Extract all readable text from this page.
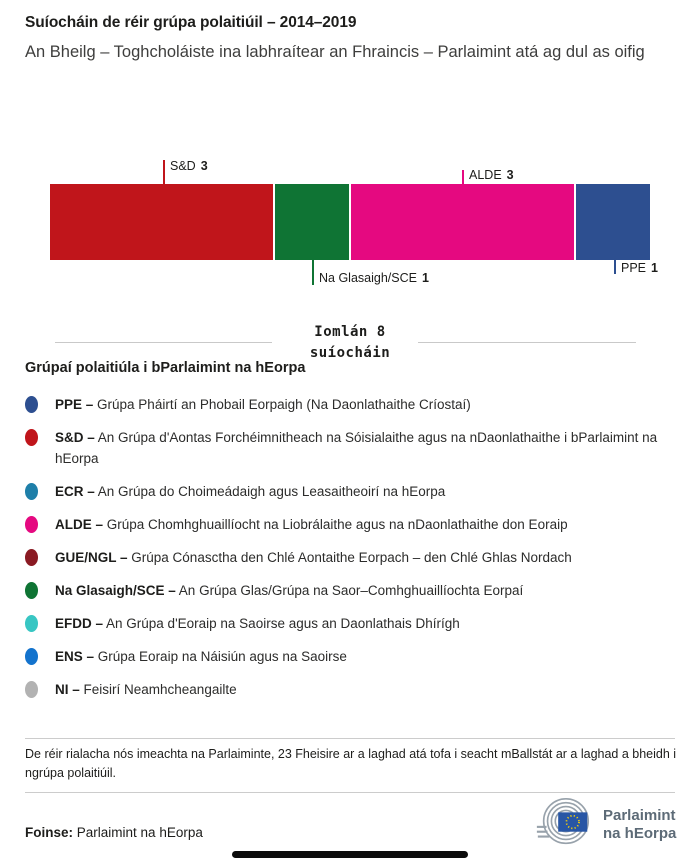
Suíocháin de réir grúpa polaitiúil – 2014–2019

An Bheilg – Toghcholáiste ina labhraítear an Fhraincis – Parlaimint atá ag dul as oifig

S&D 3
ALDE 3
Na Glasaigh/SCE 1
PPE 1
Iomlán 8
suíocháin
Grúpaí polaitiúla i bParlaimint na hEorpa
PPE – Grúpa Pháirtí an Phobail Eorpaigh (Na Daonlathaithe Críostaí)
S&D – An Grúpa d'Aontas Forchéimnitheach na Sóisialaithe agus na nDaonlathaithe i bParlaimint na hEorpa
ECR – An Grúpa do Choimeádaigh agus Leasaitheoirí na hEorpa
ALDE – Grúpa Chomhghuaillíocht na Liobrálaithe agus na nDaonlathaithe don Eoraip
GUE/NGL – Grúpa Cónasctha den Chlé Aontaithe Eorpach – den Chlé Ghlas Nordach
Na Glasaigh/SCE – An Grúpa Glas/Grúpa na Saor–Comhghuaillíochta Eorpaí
EFDD – An Grúpa d'Eoraip na Saoirse agus an Daonlathais Dhírígh
ENS – Grúpa Eoraip na Náisiún agus na Saoirse
NI – Feisirí Neamhcheangailte

De réir rialacha nós imeachta na Parlaiminte, 23 Fheisire ar a laghad atá tofa i seacht mBallstát ar a laghad a bheidh i ngrúpa polaitiúil.

Foinse: Parlaimint na hEorpa

Parlaimint
na hEorpa
